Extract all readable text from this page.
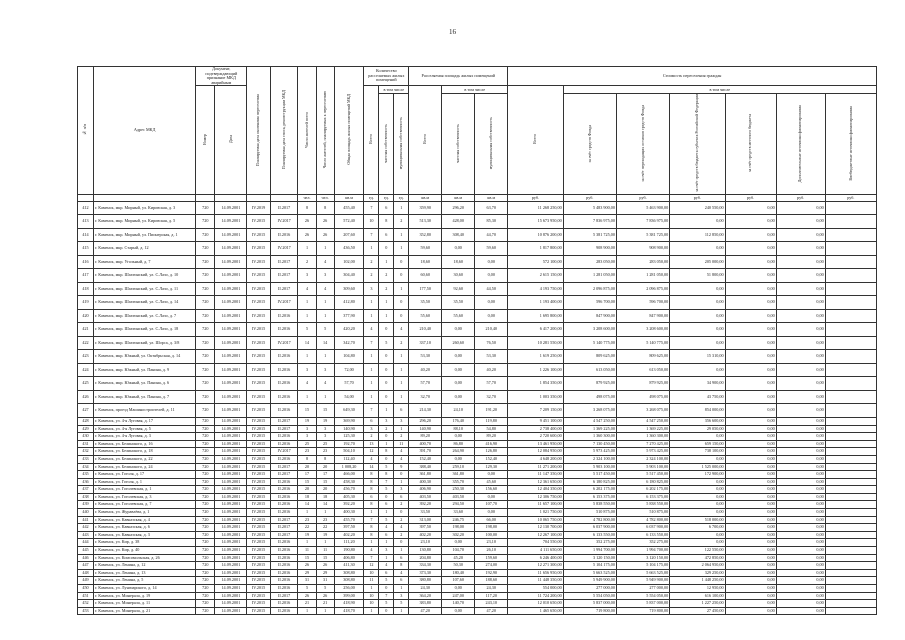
16
№ п/п	Адрес МКД	Документ, подтверждающий признание МКД аварийным		Планируемая дата окончания переселения	Планируемая дата сноса, реконструкции МКД	Число жителей всего	Число жителей, планируемых к переселению	Общая площадь жилых помещений МКД	Количество расселяемых жилых помещений			Расселяемая площадь жилых помещений			Стоимость переселения граждан						
		Номер	Дата						Всего	в том числе		Всего	в том числе		Всего	в том числе					
										частная собственность	муниципальная собственность		частная собственность	муниципальная собственность		за счёт средств Фонда	за счёт переходящих остатков средств Фонда	за счёт средств бюджета субъекта Российской Федерации	за счёт средств местного бюджета	Дополнительные источники финансирования	Внебюджетные источники финансирования
						чел.	чел.	кв.м	ед.	ед.	ед.	кв.м	кв.м	кв.м	руб.	руб.	руб.	руб.	руб.	руб.	руб.
412	г. Каменск, мкр. Мирный, ул. Кировская, д. 3	720	14.09.2001	IV.2019	II.2017	8	8	455,40	7	6	1	359,90	296,20	63,70	11 268 250,00	5 483 900,00	5 463 900,00	240 550,00	0,00	0,00	
413	г. Каменск, мкр. Мирный, ул. Кировская, д. 5	720	14.09.2001	IV.2015	IV.2017	26	26	572,40	10	8	2	513,30	428,00	85,30	15 673 950,00	7 836 975,00	7 836 975,00	0,00	0,00	0,00	
414	г. Каменск, мкр. Мирный, ул. Пионерская, д. 1	720	14.09.2001	IV.2015	II.2016	26	26	207,60	7	6	1	352,80	308,40	44,70	10 876 200,00	5 381 725,00	5 381 725,00	112 850,00	0,00	0,00	
415	г. Каменск, мкр. Старый, д. 12	720	14.09.2001	IV.2015	IV.2017	1	1	436,50	1	0	1	59,60	0,00	59,60	1 817 800,00	908 900,00	908 900,00	0,00	0,00	0,00	
416	г. Каменск, мкр. Угольный, д. 7	720	14.09.2001	IV.2015	II.2017	2	4	102,00	2	1	0	18,60	18,60	0,00	572 100,00	283 050,00	283 050,00	205 000,00	0,00	0,00	
417	г. Каменск, мкр. Шахтинский, ул. С.Лазо, д. 10	720	14.09.2001	IV.2015	II.2017	3	3	304,40	2	2	0	60,60	30,60	0,00	2 615 150,00	1 281 050,00	1 281 050,00	51 800,00	0,00	0,00	
418	г. Каменск, мкр. Шахтинский, ул. С.Лазо, д. 11	720	14.09.2001	IV.2015	II.2017	4	4	309,60	3	2	1	177,50	92,60	44,50	4 193 750,00	2 096 875,00	2 096 875,00	0,00	0,00	0,00	
419	г. Каменск, мкр. Шахтинский, ул. С.Лазо, д. 14	720	14.09.2001	IV.2015	IV.2017	1	1	412,80	1	1	0	35,50	35,50	0,00	1 193 400,00	596 700,00	596 700,00	0,00	0,00	0,00	
420	г. Каменск, мкр. Шахтинский, ул. С.Лазо, д. 7	720	14.09.2001	IV.2015	II.2016	1	1	377,90	1	1	0	55,60	55,60	0,00	1 695 800,00	847 900,00	847 900,00	0,00	0,00	0,00	
421	г. Каменск, мкр. Шахтинский, ул. С.Лазо, д. 18	720	14.09.2001	IV.2015	II.2016	5	5	420,20	4	0	4	210,40	0,00	210,40	6 417 200,00	3 208 600,00	3 208 600,00	0,00	0,00	0,00	
422	г. Каменск, мкр. Шахтинский, ул. Шорса, д. 3/8	720	14.09.2001	IV.2015	IV.2017	14	14	342,70	7	5	2	337,10	260,60	76,50	10 281 550,00	5 140 775,00	5 140 775,00	0,00	0,00	0,00	
423	г. Каменск, мкр. Южный, ул. Октябрьская, д. 14	720	14.09.2001	IV.2015	II.2016	1	1	104,80	1	0	1	53,30	0,00	53,30	1 619 250,00	809 625,00	809 625,00	15 310,00	0,00	0,00	
424	г. Каменск, мкр. Южный, ул. Панина, д. 9	720	14.09.2001	IV.2015	II.2016	3	3	72,00	1	0	1	40,20	0,00	40,20	1 226 100,00	613 050,00	613 050,00	0,00	0,00	0,00	
425	г. Каменск, мкр. Южный, ул. Панина, д. 6	720	14.09.2001	IV.2015	II.2016	4	4	57,70	1	0	1	57,70	0,00	57,70	1 854 350,00	879 925,00	879 925,00	34 900,00	0,00	0,00	
426	г. Каменск, мкр. Южный, ул. Панина, д. 7	720	14.09.2001	IV.2015	II.2016	1	1	54,00	1	0	1	32,70	0,00	32,70	1 003 350,00	498 075,00	498 075,00	43 750,00	0,00	0,00	
427	г. Каменск, проезд Машиностроителей, д. 11	720	14.09.2001	IV.2015	II.2016	15	15	649,30	7	1	6	214,30	24,10	191,20	7 209 150,00	3 268 075,00	3 268 075,00	854 000,00	0,00	0,00	
428	г. Каменск, ул. 4-я Луговая, д. 17	720	14.09.2001	IV.2015	II.2017	19	19	369,90	6	3	3	296,20	176,40	119,80	9 451 100,00	4 547 250,00	4 547 250,00	356 600,00	0,00	0,00	
429	г. Каменск, ул. 4-я Луговая, д. 5	720	14.09.2001	IV.2015	II.2017	3	3	140,90	3	2	1	140,90	88,10	54,80	2 738 400,00	1 369 225,00	1 369 225,00	29 050,00	0,00	0,00	
430	г. Каменск, ул. 4-я Луговая, д. 3	720	14.09.2001	IV.2015	II.2016	3	3	125,30	2	0	2	89,20	0,00	89,20	2 720 600,00	1 360 300,00	1 360 300,00	0,00	0,00	0,00	
431	г. Каменск, ул. Белинского, д. 16	720	14.09.2001	IV.2015	II.2016	25	25	192,70	13	1	11	400,70	86,80	416,90	13 461 950,00	7 130 450,00	7 270 425,00	659 150,00	0,00	0,00	
432	г. Каменск, ул. Белинского, д. 18	720	14.09.2001	IV.2015	IV.2017	23	23	504,10	12	8	4	391,70	264,90	126,80	12 084 950,00	5 973 425,00	5 973 425,00	738 100,00	0,00	0,00	
433	г. Каменск, ул. Белинского, д. 22	720	14.09.2001	IV.2015	II.2016	8	8	112,40	4	0	4	152,40	0,00	152,40	4 648 200,00	2 324 100,00	2 324 100,00	0,00	0,00	0,00	
434	г. Каменск, ул. Белинского, д. 24	720	14.09.2001	IV.2015	II.2017	20	20	1 008,20	14	5	9	388,40	259,10	129,30	11 271 200,00	5 903 100,00	5 903 100,00	1 525 000,00	0,00	0,00	
435	г. Каменск, ул. Гоголя, д. 17	720	14.09.2001	IV.2015	II.2017	17	17	466,00	8	8	0	361,80	361,80	0,00	11 147 350,00	5 517 450,00	5 517 450,00	172 900,00	0,00	0,00	
436	г. Каменск, ул. Гоголя, д. 1	720	14.09.2001	IV.2015	II.2016	15	15	458,30	8	7	1	400,30	355,70	45,60	12 361 650,00	6 180 825,00	6 180 825,00	0,00	0,00	0,00	
437	г. Каменск, ул. Гоголевская, д. 1	720	14.09.2001	IV.2015	II.2016	20	20	456,70	8	5	3	406,90	250,30	156,60	12 404 350,00	6 202 175,00	6 202 175,00	0,00	0,00	0,00	
438	г. Каменск, ул. Гоголевская, д. 3	720	14.09.2001	IV.2015	II.2016	18	18	405,30	6	0	6	403,50	403,50	0,00	12 306 750,00	6 153 375,00	6 153 375,00	0,00	0,00	0,00	
439	г. Каменск, ул. Гоголевская, д. 7	720	14.09.2001	IV.2015	II.2016	14	14	392,20	8	6	2	392,20	294,50	107,70	11 657 100,00	5 838 550,00	5 838 550,00	0,00	0,00	0,00	
440	г. Каменск, ул. Журавлёва, д. 1	720	14.09.2001	IV.2015	II.2016	1	1	400,30	1	1	0	33,50	33,60	0,00	1 021 750,00	510 875,00	510 875,00	0,00	0,00	0,00	
441	г. Каменск, ул. Кавказская, д. 4	720	14.09.2001	IV.2015	II.2017	23	23	455,70	7	5	2	313,00	246,75	66,00	10 065 750,00	4 782 800,00	4 782 800,00	518 000,00	0,00	0,00	
442	г. Каменск, ул. Кавказская, д. 6	720	14.09.2001	IV.2015	II.2017	22	22	397,50	8	4	4	397,50	198,00	198,00	12 130 700,00	6 037 900,00	6 037 900,00	6 700,00	0,00	0,00	
443	г. Каменск, ул. Кавказская, д. 3	720	14.09.2001	IV.2015	II.2017	19	19	402,20	8	6	2	402,20	302,20	100,00	12 267 100,00	6 133 550,00	6 133 550,00	0,00	0,00	0,00	
444	г. Каменск, ул. Кир, д. 38	720	14.09.2001	IV.2015	II.2016	1	1	111,20	1	1	0	23,10	0,00	23,10	704 550,00	352 275,00	352 275,00	0,00	0,00	0,00	
445	г. Каменск, ул. Кир, д. 40	720	14.09.2001	IV.2015	II.2016	11	11	190,80	4	3	1	130,80	104,70	26,10	4 111 650,00	1 994 700,00	1 994 700,00	122 550,00	0,00	0,00	
446	г. Каменск, ул. Комсомольская, д. 26	720	14.09.2001	IV.2015	II.2016	15	15	406,80	7	1	6	204,80	45,20	159,60	6 246 400,00	3 120 150,00	3 120 150,00	472 850,00	0,00	0,00	
447	г. Каменск, ул. Ленина, д. 12	720	14.09.2001	IV.2015	II.2016	26	26	411,30	12	4	8	334,30	50,30	274,00	12 271 300,00	5 104 175,00	5 104 175,00	2 064 950,00	0,00	0,00	
448	г. Каменск, ул. Ленина, д. 13	720	14.09.2001	IV.2015	II.2016	29	29	308,80	10	6	4	373,30	180,40	192,90	11 656 950,00	5 663 525,00	5 663 525,00	329 250,00	0,00	0,00	
449	г. Каменск, ул. Ленина, д. 5	720	14.09.2001	IV.2015	II.2016	31	31	308,80	11	5	6	380,80	107,60	188,60	11 448 350,00	5 949 900,00	5 949 900,00	1 448 250,00	0,00	0,00	
450	г. Каменск, ул. Луначарского, д. 14	720	14.09.2001	IV.2015	II.2016	5	5	256,00	1	0	1	24,30	0,00	24,30	554 000,00	277 000,00	277 000,00	12 950,00	0,00	0,00	
451	г. Каменск, ул. Минерала, д. 19	720	14.09.2001	IV.2015	II.2017	26	26	399,00	10	7	3	364,20	247,00	117,20	11 724 200,00	5 554 050,00	5 554 050,00	616 100,00	0,00	0,00	
452	г. Каменск, ул. Минерала, д. 11	720	14.09.2001	IV.2015	II.2016	21	21	418,90	10	5	5	383,80	140,70	243,10	12 010 650,00	5 837 000,00	5 837 000,00	1 227 250,00	0,00	0,00	
453	г. Каменск, ул. Минерала, д. 21	720	14.09.2001	IV.2015	II.2016	1	1	418,70	1	0	1	47,20	0,00	47,20	1 465 650,00	719 800,00	719 800,00	27 450,00	0,00	0,00	
